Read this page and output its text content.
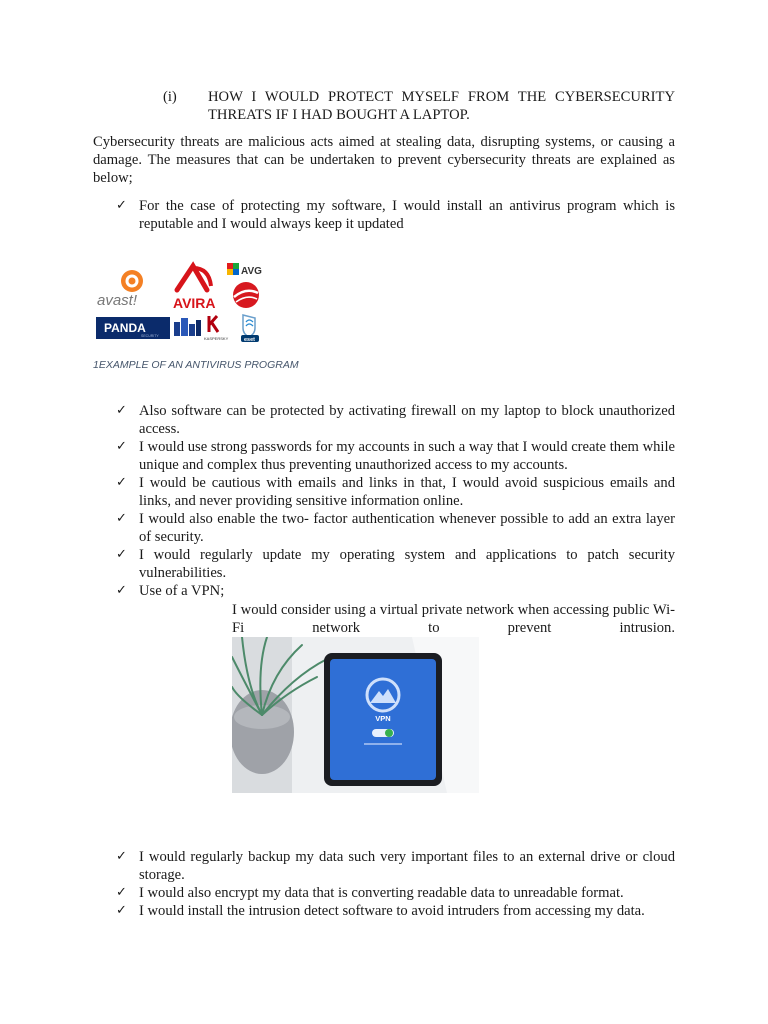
(i) HOW I WOULD PROTECT MYSELF FROM THE CYBERSECURITY THREATS IF I HAD BOUGHT A LAPTOP.

Cybersecurity threats are malicious acts aimed at stealing data, disrupting systems, or causing a damage. The measures that can be undertaken to prevent cybersecurity threats are explained as below;

✓ For the case of protecting my software, I would install an antivirus program which is reputable and I would always keep it updated
avast!	AVIRA
AVG
PANDA
SECURITY	KASPERSKY	eset
1EXAMPLE OF AN ANTIVIRUS PROGRAM
✓ Also software can be protected by activating firewall on my laptop to block unauthorized access.
✓ I would use strong passwords for my accounts in such a way that I would create them while unique and complex thus preventing unauthorized access to my accounts.
✓ I would be cautious with emails and links in that, I would avoid suspicious emails and links, and never providing sensitive information online.
✓ I would also enable the two- factor authentication whenever possible to add an extra layer of security.
✓ I would regularly update my operating system and applications to patch security vulnerabilities.
✓ Use of a VPN;

I would consider using a virtual private network when accessing public Wi-Fi network to prevent intrusion.

VPN
✓ I would regularly backup my data such very important files to an external drive or cloud storage.
✓ I would also encrypt my data that is converting readable data to unreadable format.
✓ I would install the intrusion detect software to avoid intruders from accessing my data.
